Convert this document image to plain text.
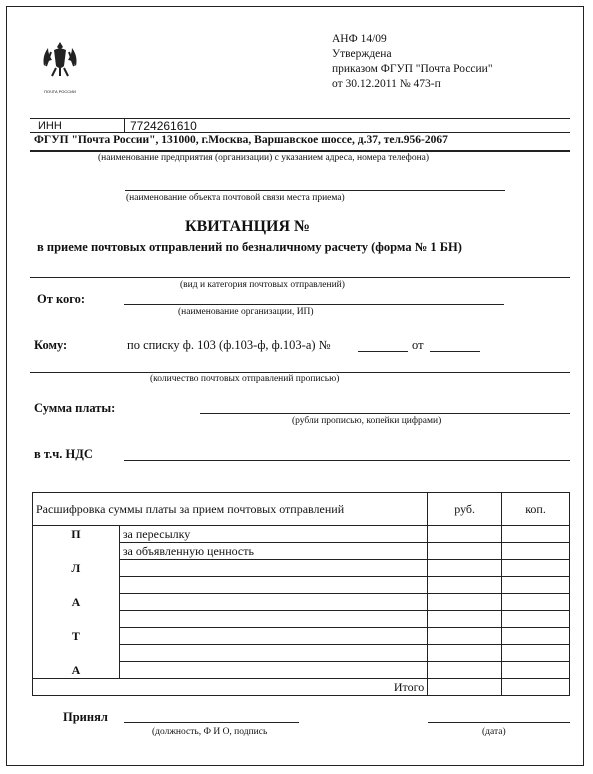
ПОЧТА РОССИИ
АНФ 14/09
Утверждена
приказом ФГУП "Почта России"
от 30.12.2011 № 473-п
ИНН	7724261610
ФГУП "Почта России", 131000, г.Москва, Варшавское шоссе, д.37, тел.956-2067
(наименование предприятия (организации) с указанием адреса, номера телефона)
(наименование объекта почтовой связи места приема)
КВИТАНЦИЯ №
в приеме почтовых отправлений по безналичному расчету (форма № 1 БН)
(вид и категория почтовых отправлений)
От кого:
(наименование организации, ИП)
Кому:	по списку ф. 103 (ф.103-ф, ф.103-а) №	от
(количество почтовых отправлений прописью)
Сумма платы:
(рубли прописью, копейки цифрами)
в т.ч. НДС
Расшифровка суммы платы за прием почтовых отправлений		руб.	коп.
П	за пересылку		
	за объявленную ценность		
Л			

А			

Т			

А			
Итого			
Принял
(должность, Ф И О, подпись	(дата)
